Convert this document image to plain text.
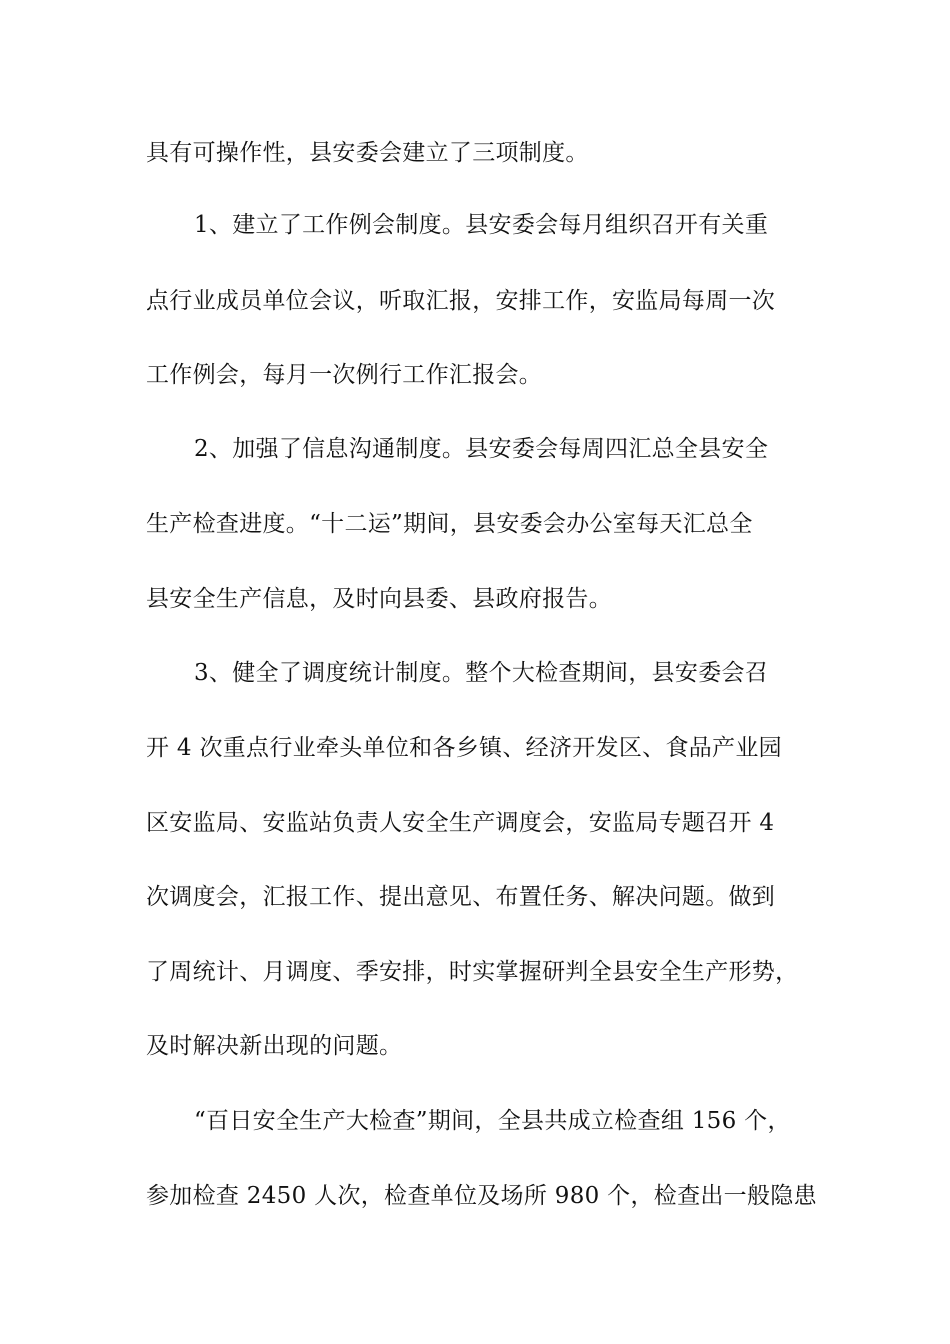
具有可操作性，县安委会建立了三项制度。
1、建立了工作例会制度。县安委会每月组织召开有关重
点行业成员单位会议，听取汇报，安排工作，安监局每周一次
工作例会，每月一次例行工作汇报会。
2、加强了信息沟通制度。县安委会每周四汇总全县安全
生产检查进度。“十二运”期间，县安委会办公室每天汇总全
县安全生产信息，及时向县委、县政府报告。
3、健全了调度统计制度。整个大检查期间，县安委会召
开 4 次重点行业牵头单位和各乡镇、经济开发区、食品产业园
区安监局、安监站负责人安全生产调度会，安监局专题召开 4
次调度会，汇报工作、提出意见、布置任务、解决问题。做到
了周统计、月调度、季安排，时实掌握研判全县安全生产形势，
及时解决新出现的问题。
“百日安全生产大检查”期间，全县共成立检查组 156 个，
参加检查 2450 人次，检查单位及场所 980 个，检查出一般隐患
